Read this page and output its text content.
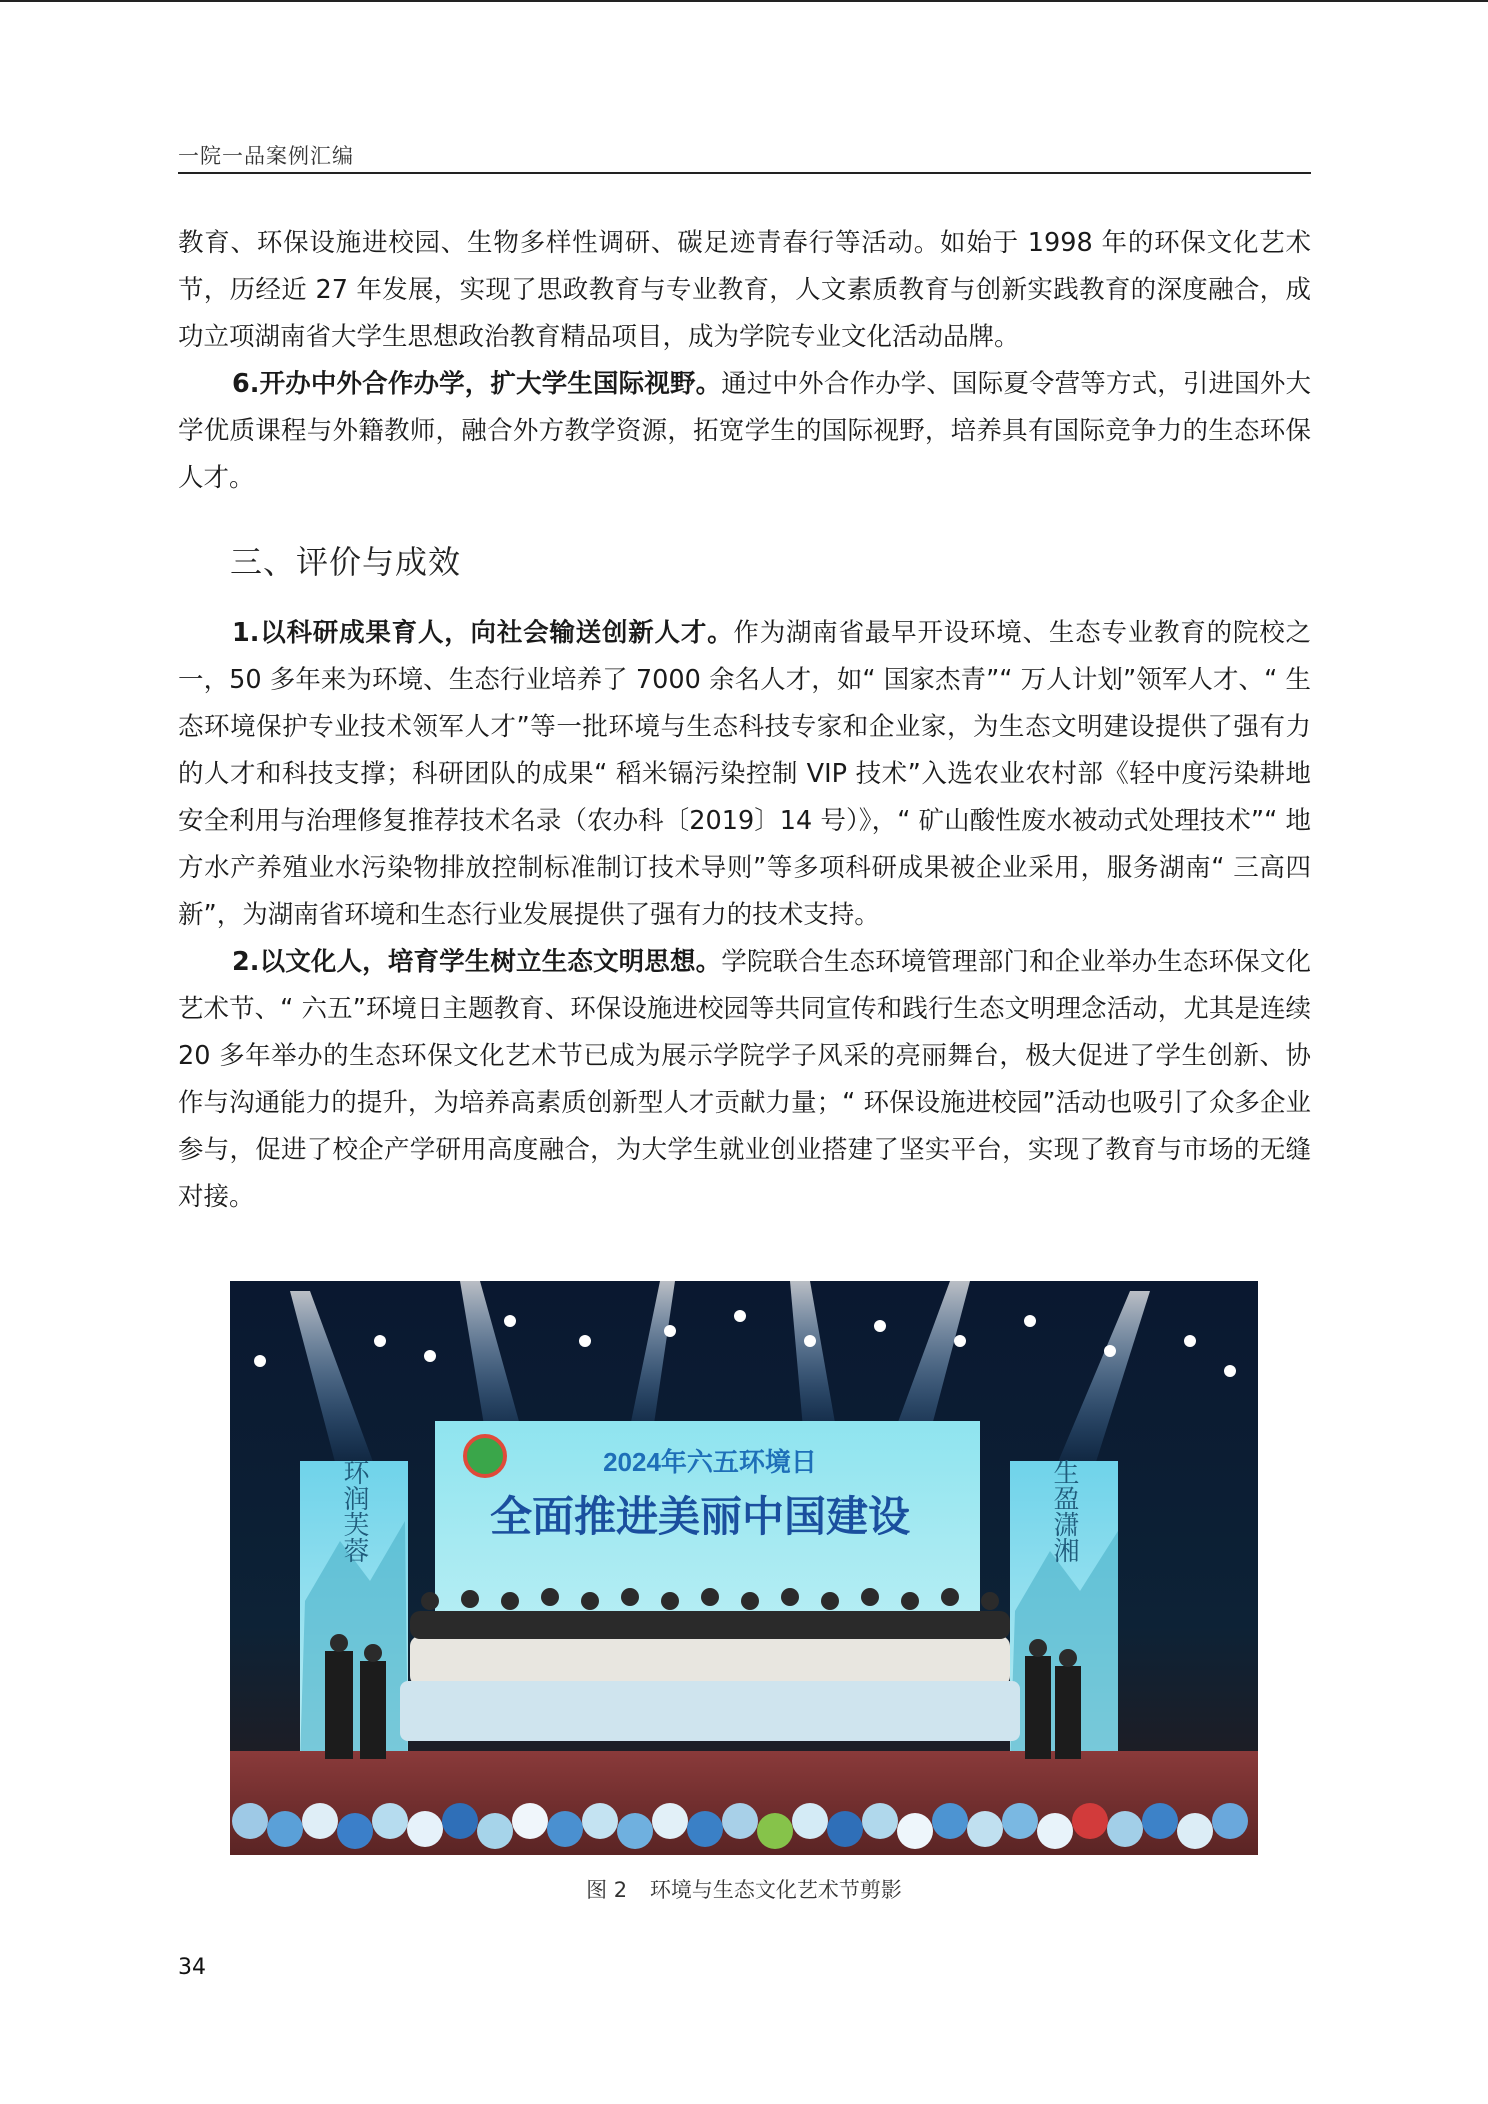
一院一品案例汇编

教育、环保设施进校园、生物多样性调研、碳足迹青春行等活动。如始于 1998 年的环保文化艺术节，历经近 27 年发展，实现了思政教育与专业教育，人文素质教育与创新实践教育的深度融合，成功立项湖南省大学生思想政治教育精品项目，成为学院专业文化活动品牌。

6.开办中外合作办学，扩大学生国际视野。通过中外合作办学、国际夏令营等方式，引进国外大学优质课程与外籍教师，融合外方教学资源，拓宽学生的国际视野，培养具有国际竞争力的生态环保人才。

三、评价与成效

1.以科研成果育人，向社会输送创新人才。作为湖南省最早开设环境、生态专业教育的院校之一，50 多年来为环境、生态行业培养了 7000 余名人才，如“ 国家杰青”“ 万人计划”领军人才、“ 生态环境保护专业技术领军人才”等一批环境与生态科技专家和企业家，为生态文明建设提供了强有力的人才和科技支撑；科研团队的成果“ 稻米镉污染控制 VIP 技术”入选农业农村部《轻中度污染耕地安全利用与治理修复推荐技术名录（农办科〔2019〕14 号）》，“ 矿山酸性废水被动式处理技术”“ 地方水产养殖业水污染物排放控制标准制订技术导则”等多项科研成果被企业采用，服务湖南“ 三高四新”，为湖南省环境和生态行业发展提供了强有力的技术支持。

2.以文化人，培育学生树立生态文明思想。学院联合生态环境管理部门和企业举办生态环保文化艺术节、“ 六五”环境日主题教育、环保设施进校园等共同宣传和践行生态文明理念活动，尤其是连续 20 多年举办的生态环保文化艺术节已成为展示学院学子风采的亮丽舞台，极大促进了学生创新、协作与沟通能力的提升，为培养高素质创新型人才贡献力量；“ 环保设施进校园”活动也吸引了众多企业参与，促进了校企产学研用高度融合，为大学生就业创业搭建了坚实平台，实现了教育与市场的无缝对接。

2024年六五环境日
全面推进美丽中国建设
环润芙蓉	生盈潇湘
图 2 环境与生态文化艺术节剪影
34
